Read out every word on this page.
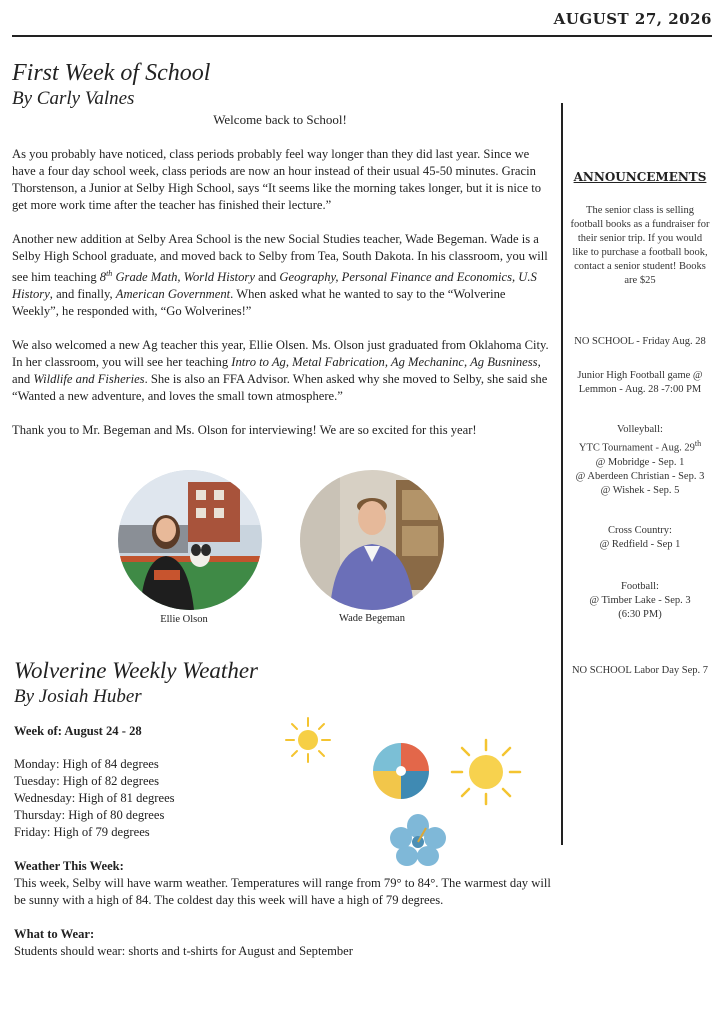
AUGUST 27, 2026
First Week of School
By Carly Valnes
Welcome back to School!
As you probably have noticed, class periods probably feel way longer than they did last year. Since we have a four day school week, class periods are now an hour instead of their usual 45-50 minutes. Gracin Thorstenson, a Junior at Selby High School, says “It seems like the morning takes longer, but it is nice to get more work time after the teacher has finished their lecture.”
Another new addition at Selby Area School is the new Social Studies teacher, Wade Begeman. Wade is a Selby High School graduate, and moved back to Selby from Tea, South Dakota. In his classroom, you will see him teaching 8th Grade Math, World History and Geography, Personal Finance and Economics, U.S History, and finally, American Government. When asked what he wanted to say to the “Wolverine Weekly”, he responded with, “Go Wolverines!”
We also welcomed a new Ag teacher this year, Ellie Olsen. Ms. Olson just graduated from Oklahoma City. In her classroom, you will see her teaching Intro to Ag, Metal Fabrication, Ag Mechaninc, Ag Busniness, and Wildlife and Fisheries. She is also an FFA Advisor. When asked why she moved to Selby, she said she “Wanted a new adventure, and loves the small town atmosphere.”
Thank you to Mr. Begeman and Ms. Olson for interviewing! We are so excited for this year!
Ellie Olson	Wade Begeman
Wolverine Weekly Weather
By Josiah Huber
Week of: August 24 - 28
Monday: High of 84 degrees
Tuesday: High of 82 degrees
Wednesday: High of 81 degrees
Thursday: High of 80 degrees
Friday: High of 79 degrees
Weather This Week:
This week, Selby will have warm weather. Temperatures will range from 79° to 84°. The warmest day will be sunny with a high of 84. The coldest day this week will have a high of 79 degrees.
What to Wear:
Students should wear: shorts and t-shirts for August and September
ANNOUNCEMENTS
The senior class is selling football books as a fundraiser for their senior trip. If you would like to purchase a football book, contact a senior student! Books are $25
NO SCHOOL - Friday Aug. 28
Junior High Football game @ Lemmon - Aug. 28 -7:00 PM
Volleyball:
YTC Tournament - Aug. 29th
@ Mobridge - Sep. 1
@ Aberdeen Christian - Sep. 3
@ Wishek - Sep. 5
Cross Country:
@ Redfield - Sep 1
Football:
@ Timber Lake - Sep. 3
(6:30 PM)
NO SCHOOL Labor Day Sep. 7
